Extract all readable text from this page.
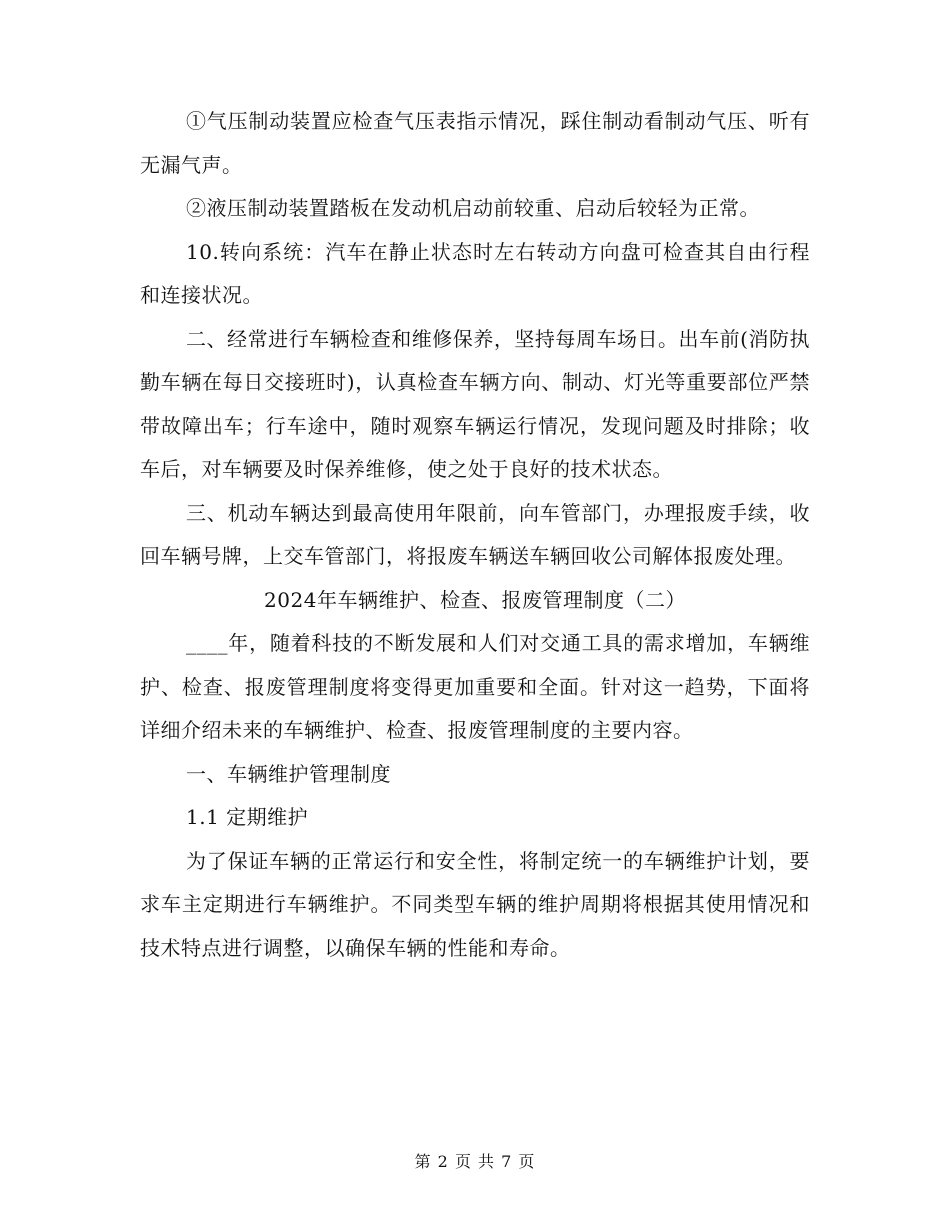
①气压制动装置应检查气压表指示情况，踩住制动看制动气压、听有无漏气声。

②液压制动装置踏板在发动机启动前较重、启动后较轻为正常。

10.转向系统：汽车在静止状态时左右转动方向盘可检查其自由行程和连接状况。

二、经常进行车辆检查和维修保养，坚持每周车场日。出车前(消防执勤车辆在每日交接班时)，认真检查车辆方向、制动、灯光等重要部位严禁带故障出车；行车途中，随时观察车辆运行情况，发现问题及时排除；收车后，对车辆要及时保养维修，使之处于良好的技术状态。

三、机动车辆达到最高使用年限前，向车管部门，办理报废手续，收回车辆号牌，上交车管部门，将报废车辆送车辆回收公司解体报废处理。

2024年车辆维护、检查、报废管理制度（二）

____年，随着科技的不断发展和人们对交通工具的需求增加，车辆维护、检查、报废管理制度将变得更加重要和全面。针对这一趋势，下面将详细介绍未来的车辆维护、检查、报废管理制度的主要内容。

一、车辆维护管理制度

1.1 定期维护

为了保证车辆的正常运行和安全性，将制定统一的车辆维护计划，要求车主定期进行车辆维护。不同类型车辆的维护周期将根据其使用情况和技术特点进行调整，以确保车辆的性能和寿命。

第 2 页 共 7 页
